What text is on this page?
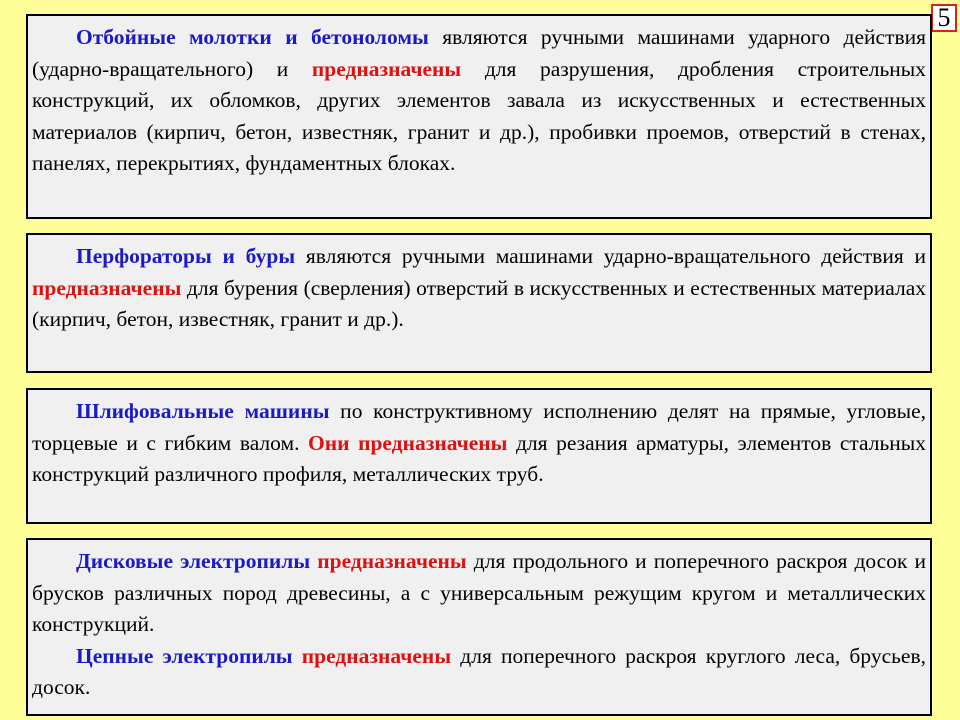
5

Отбойные молотки и бетоноломы являются ручными машинами ударного действия (ударно-вращательного) и предназначены для разрушения, дробления строительных конструкций, их обломков, других элементов завала из искусственных и естественных материалов (кирпич, бетон, известняк, гранит и др.), пробивки проемов, отверстий в стенах, панелях, перекрытиях, фундаментных блоках.

Перфораторы и буры являются ручными машинами ударно-вращательного действия и предназначены для бурения (сверления) отверстий в искусственных и естественных материалах (кирпич, бетон, известняк, гранит и др.).

Шлифовальные машины по конструктивному исполнению делят на прямые, угловые, торцевые и с гибким валом. Они предназначены для резания арматуры, элементов стальных конструкций различного профиля, металлических труб.

Дисковые электропилы предназначены для продольного и поперечного раскроя досок и брусков различных пород древесины, а с универсальным режущим кругом и металлических конструкций.

Цепные электропилы предназначены для поперечного раскроя круглого леса, брусьев, досок.
